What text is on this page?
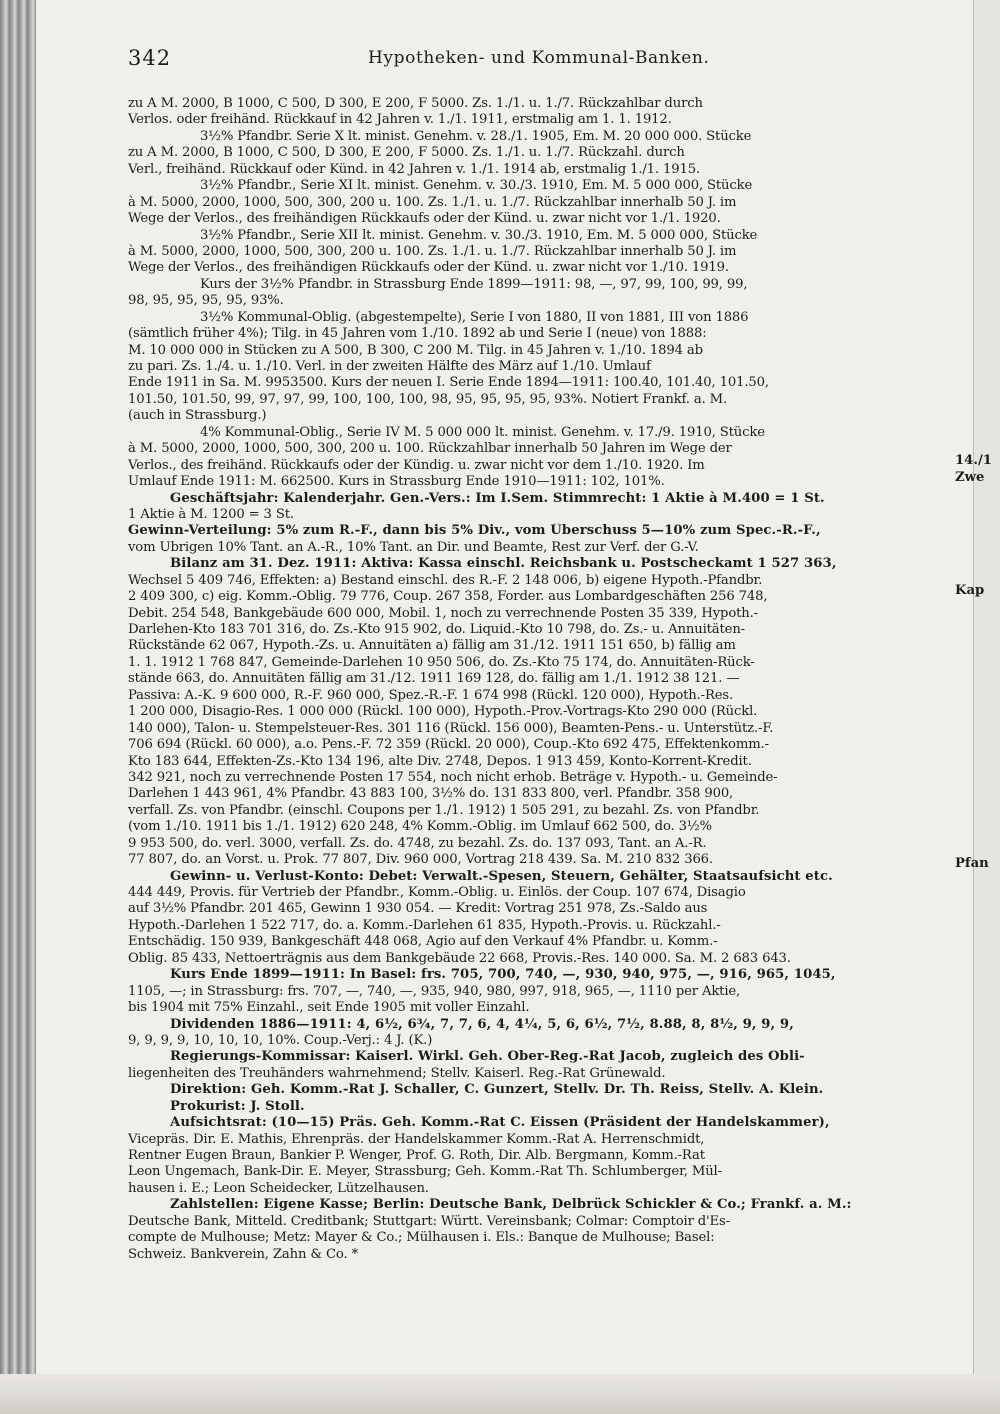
342	Hypotheken- und Kommunal-Banken.
zu A M. 2000, B 1000, C 500, D 300, E 200, F 5000. Zs. 1./1. u. 1./7. Rückzahlbar durch
Verlos. oder freihänd. Rückkauf in 42 Jahren v. 1./1. 1911, erstmalig am 1. 1. 1912.
3½% Pfandbr. Serie X lt. minist. Genehm. v. 28./1. 1905, Em. M. 20 000 000. Stücke
zu A M. 2000, B 1000, C 500, D 300, E 200, F 5000. Zs. 1./1. u. 1./7. Rückzahl. durch
Verl., freihänd. Rückkauf oder Künd. in 42 Jahren v. 1./1. 1914 ab, erstmalig 1./1. 1915.
3½% Pfandbr., Serie XI lt. minist. Genehm. v. 30./3. 1910, Em. M. 5 000 000, Stücke
à M. 5000, 2000, 1000, 500, 300, 200 u. 100. Zs. 1./1. u. 1./7. Rückzahlbar innerhalb 50 J. im
Wege der Verlos., des freihändigen Rückkaufs oder der Künd. u. zwar nicht vor 1./1. 1920.
3½% Pfandbr., Serie XII lt. minist. Genehm. v. 30./3. 1910, Em. M. 5 000 000, Stücke
à M. 5000, 2000, 1000, 500, 300, 200 u. 100. Zs. 1./1. u. 1./7. Rückzahlbar innerhalb 50 J. im
Wege der Verlos., des freihändigen Rückkaufs oder der Künd. u. zwar nicht vor 1./10. 1919.
Kurs der 3½% Pfandbr. in Strassburg Ende 1899—1911: 98, —, 97, 99, 100, 99, 99,
98, 95, 95, 95, 95, 93%.
3½% Kommunal-Oblig. (abgestempelte), Serie I von 1880, II von 1881, III von 1886
(sämtlich früher 4%); Tilg. in 45 Jahren vom 1./10. 1892 ab und Serie I (neue) von 1888:
M. 10 000 000 in Stücken zu A 500, B 300, C 200 M. Tilg. in 45 Jahren v. 1./10. 1894 ab
zu pari. Zs. 1./4. u. 1./10. Verl. in der zweiten Hälfte des März auf 1./10. Umlauf
Ende 1911 in Sa. M. 9953500. Kurs der neuen I. Serie Ende 1894—1911: 100.40, 101.40, 101.50,
101.50, 101.50, 99, 97, 97, 99, 100, 100, 100, 98, 95, 95, 95, 95, 93%. Notiert Frankf. a. M.
(auch in Strassburg.)
4% Kommunal-Oblig., Serie IV M. 5 000 000 lt. minist. Genehm. v. 17./9. 1910, Stücke
à M. 5000, 2000, 1000, 500, 300, 200 u. 100. Rückzahlbar innerhalb 50 Jahren im Wege der
Verlos., des freihänd. Rückkaufs oder der Kündig. u. zwar nicht vor dem 1./10. 1920. Im
Umlauf Ende 1911: M. 662500. Kurs in Strassburg Ende 1910—1911: 102, 101%.
Geschäftsjahr: Kalenderjahr. Gen.-Vers.: Im I.Sem. Stimmrecht: 1 Aktie à M.400 = 1 St.
1 Aktie à M. 1200 = 3 St.
Gewinn-Verteilung: 5% zum R.-F., dann bis 5% Div., vom Überschuss 5—10% zum Spec.-R.-F.,
vom Übrigen 10% Tant. an A.-R., 10% Tant. an Dir. und Beamte, Rest zur Verf. der G.-V.
Bilanz am 31. Dez. 1911: Aktiva: Kassa einschl. Reichsbank u. Postscheckamt 1 527 363,
Wechsel 5 409 746, Effekten: a) Bestand einschl. des R.-F. 2 148 006, b) eigene Hypoth.-Pfandbr.
2 409 300, c) eig. Komm.-Oblig. 79 776, Coup. 267 358, Forder. aus Lombardgeschäften 256 748,
Debit. 254 548, Bankgebäude 600 000, Mobil. 1, noch zu verrechnende Posten 35 339, Hypoth.-
Darlehen-Kto 183 701 316, do. Zs.-Kto 915 902, do. Liquid.-Kto 10 798, do. Zs.- u. Annuitäten-
Rückstände 62 067, Hypoth.-Zs. u. Annuitäten a) fällig am 31./12. 1911 151 650, b) fällig am
1. 1. 1912 1 768 847, Gemeinde-Darlehen 10 950 506, do. Zs.-Kto 75 174, do. Annuitäten-Rück-
stände 663, do. Annuitäten fällig am 31./12. 1911 169 128, do. fällig am 1./1. 1912 38 121. —
Passiva: A.-K. 9 600 000, R.-F. 960 000, Spez.-R.-F. 1 674 998 (Rückl. 120 000), Hypoth.-Res.
1 200 000, Disagio-Res. 1 000 000 (Rückl. 100 000), Hypoth.-Prov.-Vortrags-Kto 290 000 (Rückl.
140 000), Talon- u. Stempelsteuer-Res. 301 116 (Rückl. 156 000), Beamten-Pens.- u. Unterstütz.-F.
706 694 (Rückl. 60 000), a.o. Pens.-F. 72 359 (Rückl. 20 000), Coup.-Kto 692 475, Effektenkomm.-
Kto 183 644, Effekten-Zs.-Kto 134 196, alte Div. 2748, Depos. 1 913 459, Konto-Korrent-Kredit.
342 921, noch zu verrechnende Posten 17 554, noch nicht erhob. Beträge v. Hypoth.- u. Gemeinde-
Darlehen 1 443 961, 4% Pfandbr. 43 883 100, 3½% do. 131 833 800, verl. Pfandbr. 358 900,
verfall. Zs. von Pfandbr. (einschl. Coupons per 1./1. 1912) 1 505 291, zu bezahl. Zs. von Pfandbr.
(vom 1./10. 1911 bis 1./1. 1912) 620 248, 4% Komm.-Oblig. im Umlauf 662 500, do. 3½%
9 953 500, do. verl. 3000, verfall. Zs. do. 4748, zu bezahl. Zs. do. 137 093, Tant. an A.-R.
77 807, do. an Vorst. u. Prok. 77 807, Div. 960 000, Vortrag 218 439. Sa. M. 210 832 366.
Gewinn- u. Verlust-Konto: Debet: Verwalt.-Spesen, Steuern, Gehälter, Staatsaufsicht etc.
444 449, Provis. für Vertrieb der Pfandbr., Komm.-Oblig. u. Einlös. der Coup. 107 674, Disagio
auf 3½% Pfandbr. 201 465, Gewinn 1 930 054. — Kredit: Vortrag 251 978, Zs.-Saldo aus
Hypoth.-Darlehen 1 522 717, do. a. Komm.-Darlehen 61 835, Hypoth.-Provis. u. Rückzahl.-
Entschädig. 150 939, Bankgeschäft 448 068, Agio auf den Verkauf 4% Pfandbr. u. Komm.-
Oblig. 85 433, Nettoerträgnis aus dem Bankgebäude 22 668, Provis.-Res. 140 000. Sa. M. 2 683 643.
Kurs Ende 1899—1911: In Basel: frs. 705, 700, 740, —, 930, 940, 975, —, 916, 965, 1045,
1105, —; in Strassburg: frs. 707, —, 740, —, 935, 940, 980, 997, 918, 965, —, 1110 per Aktie,
bis 1904 mit 75% Einzahl., seit Ende 1905 mit voller Einzahl.
Dividenden 1886—1911: 4, 6½, 6¾, 7, 7, 6, 4, 4¼, 5, 6, 6½, 7½, 8.88, 8, 8½, 9, 9, 9,
9, 9, 9, 9, 10, 10, 10, 10%. Coup.-Verj.: 4 J. (K.)
Regierungs-Kommissar: Kaiserl. Wirkl. Geh. Ober-Reg.-Rat Jacob, zugleich des Obli-
liegenheiten des Treuhänders wahrnehmend; Stellv. Kaiserl. Reg.-Rat Grünewald.
Direktion: Geh. Komm.-Rat J. Schaller, C. Gunzert, Stellv. Dr. Th. Reiss, Stellv. A. Klein.
Prokurist: J. Stoll.
Aufsichtsrat: (10—15) Präs. Geh. Komm.-Rat C. Eissen (Präsident der Handelskammer),
Vicepräs. Dir. E. Mathis, Ehrenpräs. der Handelskammer Komm.-Rat A. Herrenschmidt,
Rentner Eugen Braun, Bankier P. Wenger, Prof. G. Roth, Dir. Alb. Bergmann, Komm.-Rat
Leon Ungemach, Bank-Dir. E. Meyer, Strassburg; Geh. Komm.-Rat Th. Schlumberger, Mül-
hausen i. E.; Leon Scheidecker, Lützelhausen.
Zahlstellen: Eigene Kasse; Berlin: Deutsche Bank, Delbrück Schickler & Co.; Frankf. a. M.:
Deutsche Bank, Mitteld. Creditbank; Stuttgart: Württ. Vereinsbank; Colmar: Comptoir d'Es-
compte de Mulhouse; Metz: Mayer & Co.; Mülhausen i. Els.: Banque de Mulhouse; Basel:
Schweiz. Bankverein, Zahn & Co. *
14./1
Zwe
Kap
Pfan
